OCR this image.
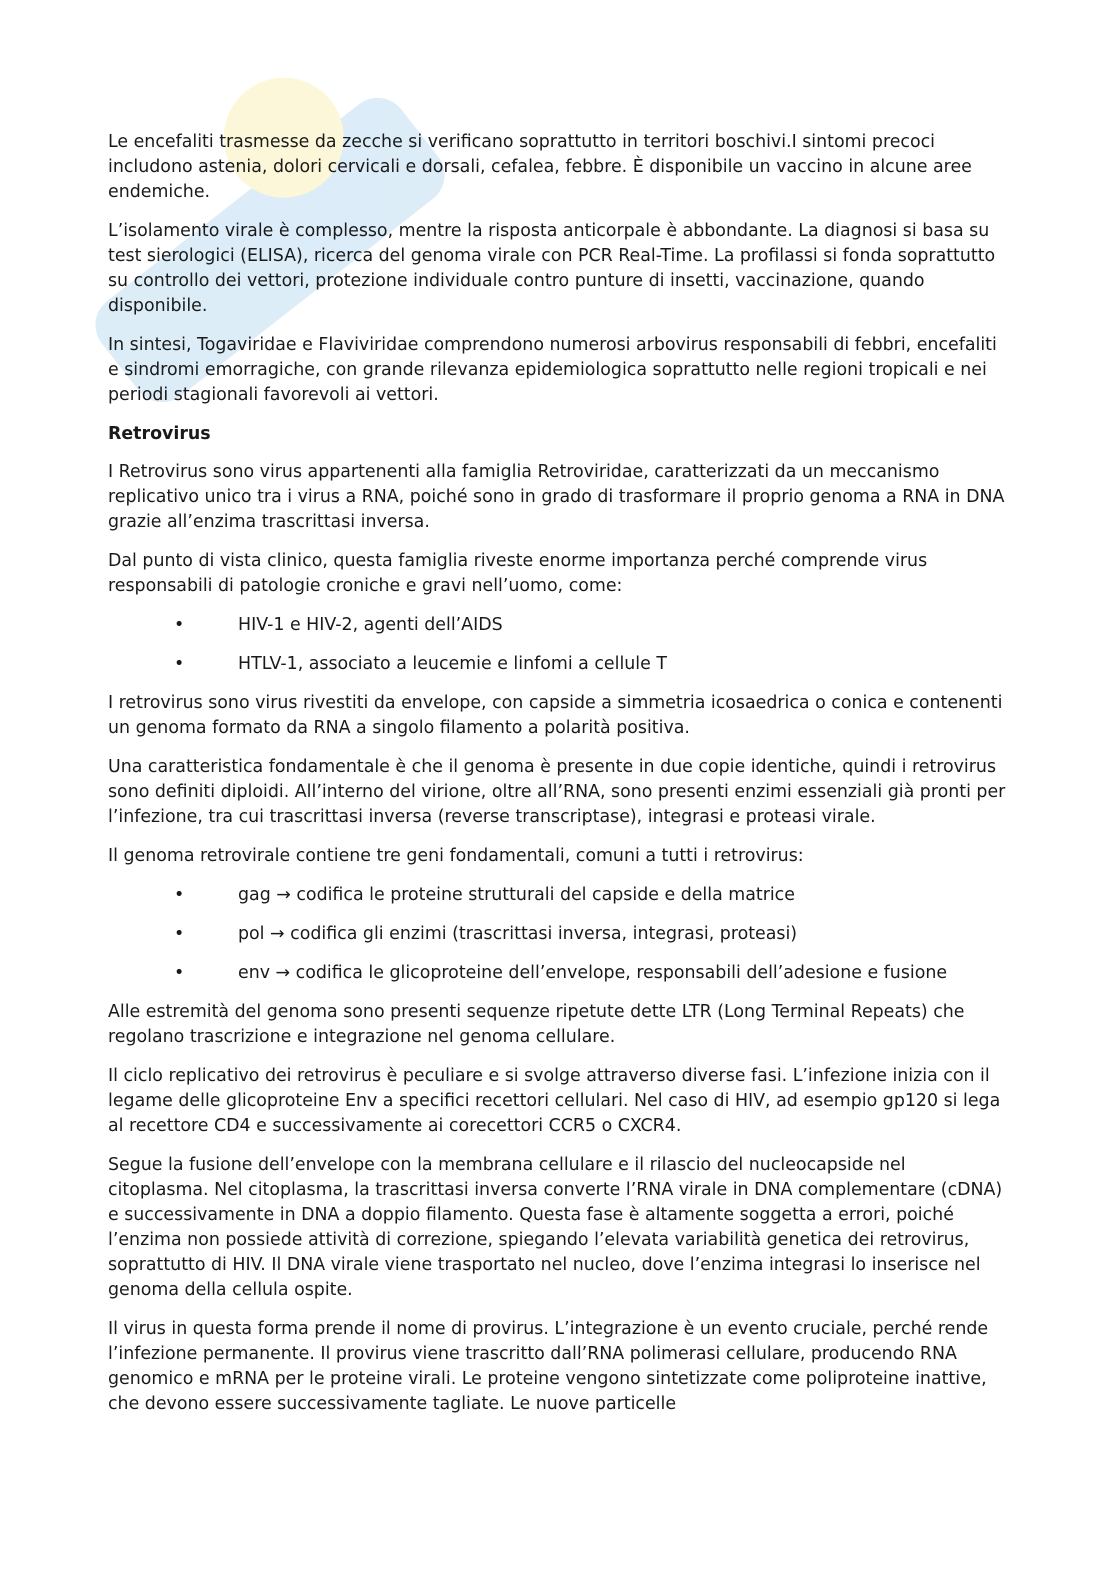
Le encefaliti trasmesse da zecche si verificano soprattutto in territori boschivi.I sintomi precoci includono astenia, dolori cervicali e dorsali, cefalea, febbre. È disponibile un vaccino in alcune aree endemiche.

L’isolamento virale è complesso, mentre la risposta anticorpale è abbondante. La diagnosi si basa su test sierologici (ELISA), ricerca del genoma virale con PCR Real-Time. La profilassi si fonda soprattutto su controllo dei vettori, protezione individuale contro punture di insetti, vaccinazione, quando disponibile.

In sintesi, Togaviridae e Flaviviridae comprendono numerosi arbovirus responsabili di febbri, encefaliti e sindromi emorragiche, con grande rilevanza epidemiologica soprattutto nelle regioni tropicali e nei periodi stagionali favorevoli ai vettori.

Retrovirus

I Retrovirus sono virus appartenenti alla famiglia Retroviridae, caratterizzati da un meccanismo replicativo unico tra i virus a RNA, poiché sono in grado di trasformare il proprio genoma a RNA in DNA grazie all’enzima trascrittasi inversa.

Dal punto di vista clinico, questa famiglia riveste enorme importanza perché comprende virus responsabili di patologie croniche e gravi nell’uomo, come:

•	HIV-1 e HIV-2, agenti dell’AIDS
•	HTLV-1, associato a leucemie e linfomi a cellule T

I retrovirus sono virus rivestiti da envelope, con capside a simmetria icosaedrica o conica e contenenti un genoma formato da RNA a singolo filamento a polarità positiva.

Una caratteristica fondamentale è che il genoma è presente in due copie identiche, quindi i retrovirus sono definiti diploidi. All’interno del virione, oltre all’RNA, sono presenti enzimi essenziali già pronti per l’infezione, tra cui trascrittasi inversa (reverse transcriptase), integrasi e proteasi virale.

Il genoma retrovirale contiene tre geni fondamentali, comuni a tutti i retrovirus:

•	gag → codifica le proteine strutturali del capside e della matrice
•	pol → codifica gli enzimi (trascrittasi inversa, integrasi, proteasi)
•	env → codifica le glicoproteine dell’envelope, responsabili dell’adesione e fusione

Alle estremità del genoma sono presenti sequenze ripetute dette LTR (Long Terminal Repeats) che regolano trascrizione e integrazione nel genoma cellulare.

Il ciclo replicativo dei retrovirus è peculiare e si svolge attraverso diverse fasi. L’infezione inizia con il legame delle glicoproteine Env a specifici recettori cellulari. Nel caso di HIV, ad esempio gp120 si lega al recettore CD4 e successivamente ai corecettori CCR5 o CXCR4.

Segue la fusione dell’envelope con la membrana cellulare e il rilascio del nucleocapside nel citoplasma. Nel citoplasma, la trascrittasi inversa converte l’RNA virale in DNA complementare (cDNA) e successivamente in DNA a doppio filamento. Questa fase è altamente soggetta a errori, poiché l’enzima non possiede attività di correzione, spiegando l’elevata variabilità genetica dei retrovirus, soprattutto di HIV. Il DNA virale viene trasportato nel nucleo, dove l’enzima integrasi lo inserisce nel genoma della cellula ospite.

Il virus in questa forma prende il nome di provirus. L’integrazione è un evento cruciale, perché rende l’infezione permanente. Il provirus viene trascritto dall’RNA polimerasi cellulare, producendo RNA genomico e mRNA per le proteine virali. Le proteine vengono sintetizzate come poliproteine inattive, che devono essere successivamente tagliate. Le nuove particelle
